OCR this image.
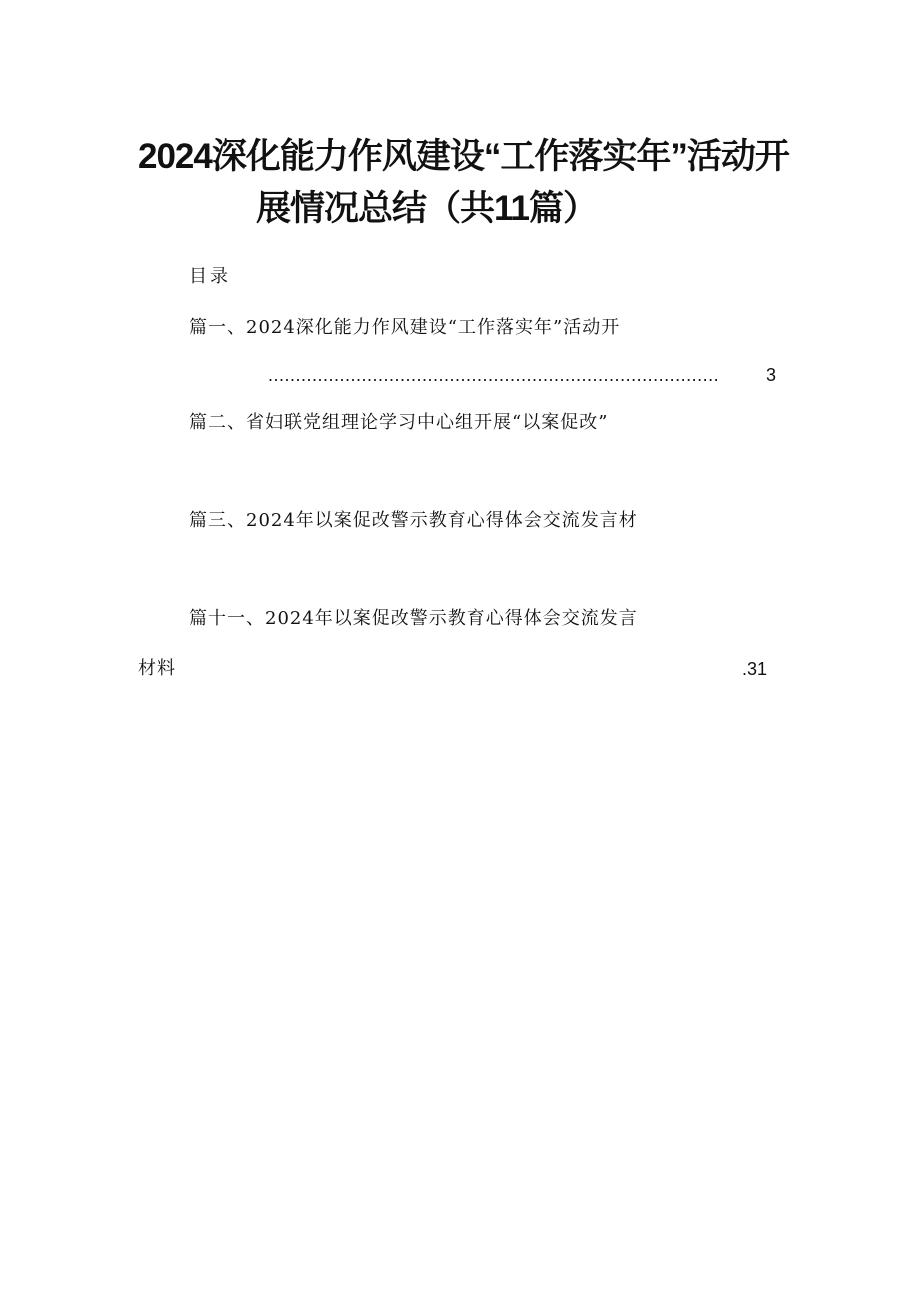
2024深化能力作风建设“工作落实年”活动开
展情况总结（共11篇）
目录
篇一、2024深化能力作风建设“工作落实年”活动开
..................................................................................	3
篇二、省妇联党组理论学习中心组开展“以案促改”
篇三、2024年以案促改警示教育心得体会交流发言材
篇十一、2024年以案促改警示教育心得体会交流发言
材料	.31
